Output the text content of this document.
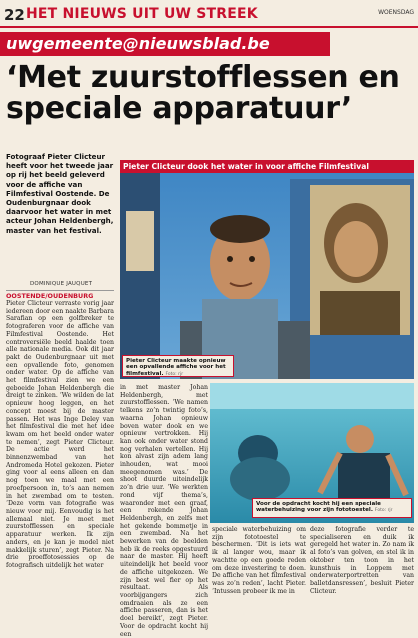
22 HET NIEUWS UIT UW STREEK	WOENSDAG
uwgemeente@nieuwsblad.be
‘Met zuurstofflessen en speciale apparatuur’

Fotograaf Pieter Clicteur heeft voor het tweede jaar op rij het beeld geleverd voor de affiche van Filmfestival Oostende. De Oudenburgnaar dook daarvoor het water in met acteur Johan Heldenbergh, master van het festival.

DOMINIQUE JAUQUET
OOSTENDE/OUDENBURG

Pieter Clicteur verraste vorig jaar iedereen door een naakte Barbara Sarafian op een golfbreker te fotograferen voor de affiche van Filmfestival Oostende. Het controversiële beeld haalde toen alle nationale media. Ook dit jaar pakt de Oudenburgnaar uit met een opvallende foto, genomen onder water. Op de affiche van het filmfestival zien we een geboeide Johan Heldenbergh die dreigt te zinken. ‘We wilden de lat opnieuw hoog leggen, en het concept moest bij de master passen. Het was Inge Deley van het filmfestival die met het idee kwam om het beeld onder water te nemen’, zegt Pieter Clicteur. De actie werd het binnenzwembad van het Andromeda Hotel gekozen. Pieter ging voor al eens alleen en dan nog toen we maal met een proefpersoon in, to’s aan nemen in het zwembad om te testen. ‘Deze vorm van fotografie was nieuw voor mij. Eenvoudig is het allemaal niet. Je moet met zuurstofflessen en speciale apparatuur werken. Ik zijn anders, en je kan je model niet makkelijk sturen’, zegt Pieter. Na drie proeffotosessies op de fotografisch uitdelijk het water

in met master Johan Heldenbergh, met zuurstofflessen. ‘We namen telkens zo’n twintig foto’s, waarna Johan opnieuw boven water dook en we opnieuw vertrokken. Hij kan ook onder water stond nog verhalen vertellen. Hij kon alvast zijn adem lang inhouden, wat mooi meegenomen was.’ De shoot duurde uiteindelijk zo’n drie uur. ‘We werkten rond vijf thema’s, waaronder met een graaf, een rokende Johan Heldenbergh, en zelfs met het gekende bommetje in een zwembad. Na het bewerken van de beelden heb ik de reeks opgestuurd naar de master. Hij heeft uiteindelijk het beeld voor de affiche uitgekozen. We zijn best wel fier op het resultaat. Als voorbijgangers zich omdraaien als ze een affiche passeren, dan is het doel bereikt’, zegt Pieter. Voor de opdracht kocht hij een

speciale waterbehuizing om zijn fototoestel te beschermen. ‘Dit is iets wat ik al langer wou, maar ik wachtte op een goede reden om deze investering te doen. De affiche van het filmfestival was zo’n reden’, lacht Pieter. ‘Intussen probeer ik me in

deze fotografie verder te specialiseren en duik ik geregeld het water in. Zo nam ik al foto’s van golven, en stel ik in oktober ten toon in het kunsthuis in Loppem met onderwaterportretten van balletdansressen’, besluit Pieter Clicteur.

Pieter Clicteur dook het water in voor affiche Filmfestival
Pieter Clicteur maakte opnieuw een opvallende affiche voor het filmfestival. Foto: rjr
Voor de opdracht kocht hij een speciale waterbehuizing voor zijn fototoestel. Foto: rjr
